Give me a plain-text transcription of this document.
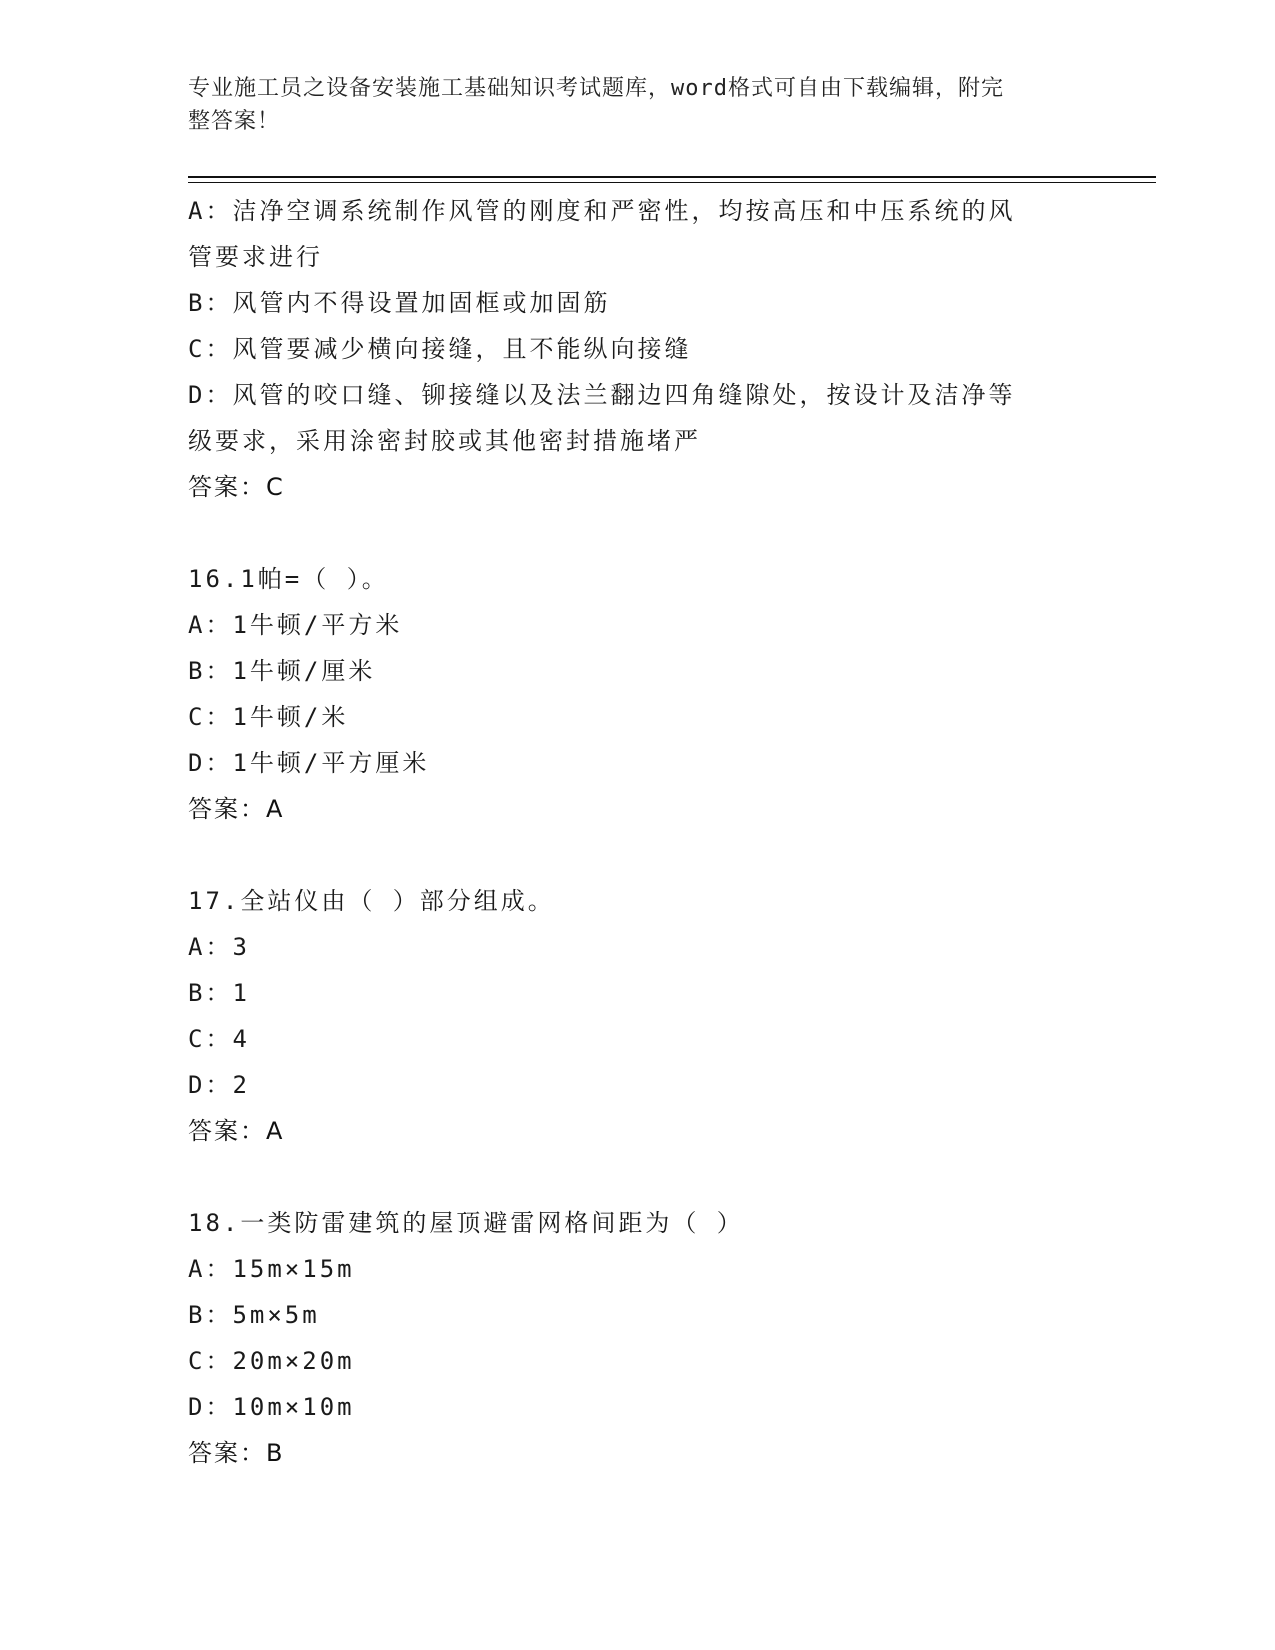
专业施工员之设备安装施工基础知识考试题库，word格式可自由下载编辑，附完
整答案！
A：洁净空调系统制作风管的刚度和严密性，均按高压和中压系统的风
管要求进行
B：风管内不得设置加固框或加固筋
C：风管要减少横向接缝，且不能纵向接缝
D：风管的咬口缝、铆接缝以及法兰翻边四角缝隙处，按设计及洁净等
级要求，采用涂密封胶或其他密封措施堵严
答案：C
16.1帕=（ ）。
A：1牛顿/平方米
B：1牛顿/厘米
C：1牛顿/米
D：1牛顿/平方厘米
答案：A
17.全站仪由（ ）部分组成。
A：3
B：1
C：4
D：2
答案：A
18.一类防雷建筑的屋顶避雷网格间距为（ ）
A：15m×15m
B：5m×5m
C：20m×20m
D：10m×10m
答案：B
